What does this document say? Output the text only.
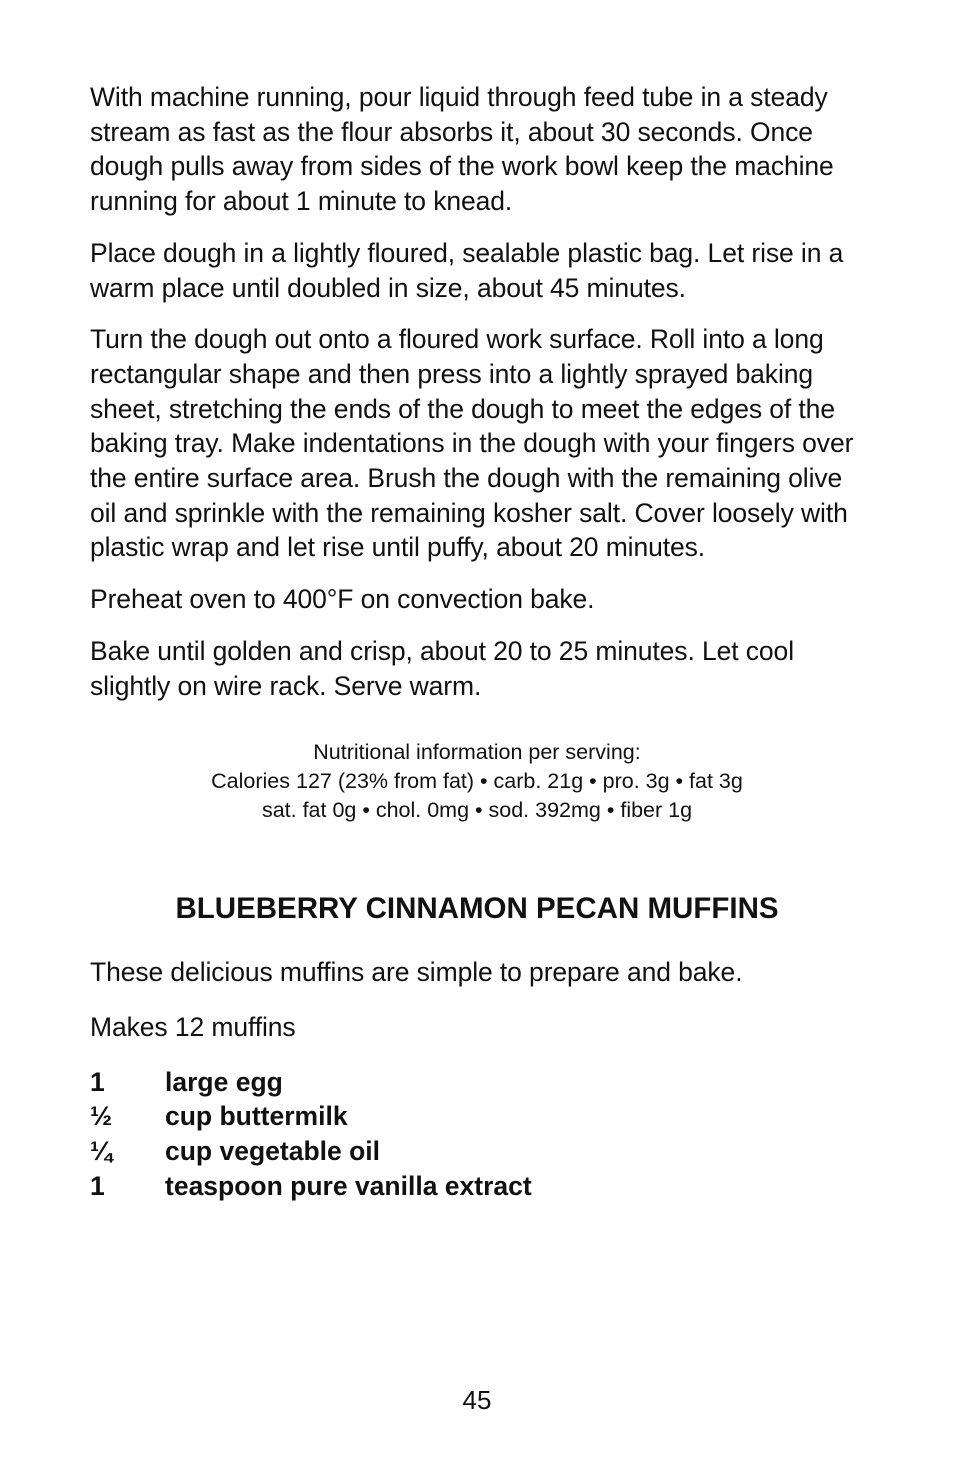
With machine running, pour liquid through feed tube in a steady stream as fast as the flour absorbs it, about 30 seconds. Once dough pulls away from sides of the work bowl keep the machine running for about 1 minute to knead.

Place dough in a lightly floured, sealable plastic bag. Let rise in a warm place until doubled in size, about 45 minutes.

Turn the dough out onto a floured work surface. Roll into a long rectangular shape and then press into a lightly sprayed baking sheet, stretching the ends of the dough to meet the edges of the baking tray. Make indentations in the dough with your fingers over the entire surface area. Brush the dough with the remaining olive oil and sprinkle with the remaining kosher salt. Cover loosely with plastic wrap and let rise until puffy, about 20 minutes.

Preheat oven to 400°F on convection bake.

Bake until golden and crisp, about 20 to 25 minutes. Let cool slightly on wire rack. Serve warm.

Nutritional information per serving:
Calories 127 (23% from fat) • carb. 21g • pro. 3g • fat 3g
sat. fat 0g • chol. 0mg • sod. 392mg • fiber 1g
BLUEBERRY CINNAMON PECAN MUFFINS

These delicious muffins are simple to prepare and bake.

Makes 12 muffins

1	large egg
½	cup buttermilk
¼	cup vegetable oil
1	teaspoon pure vanilla extract
45
